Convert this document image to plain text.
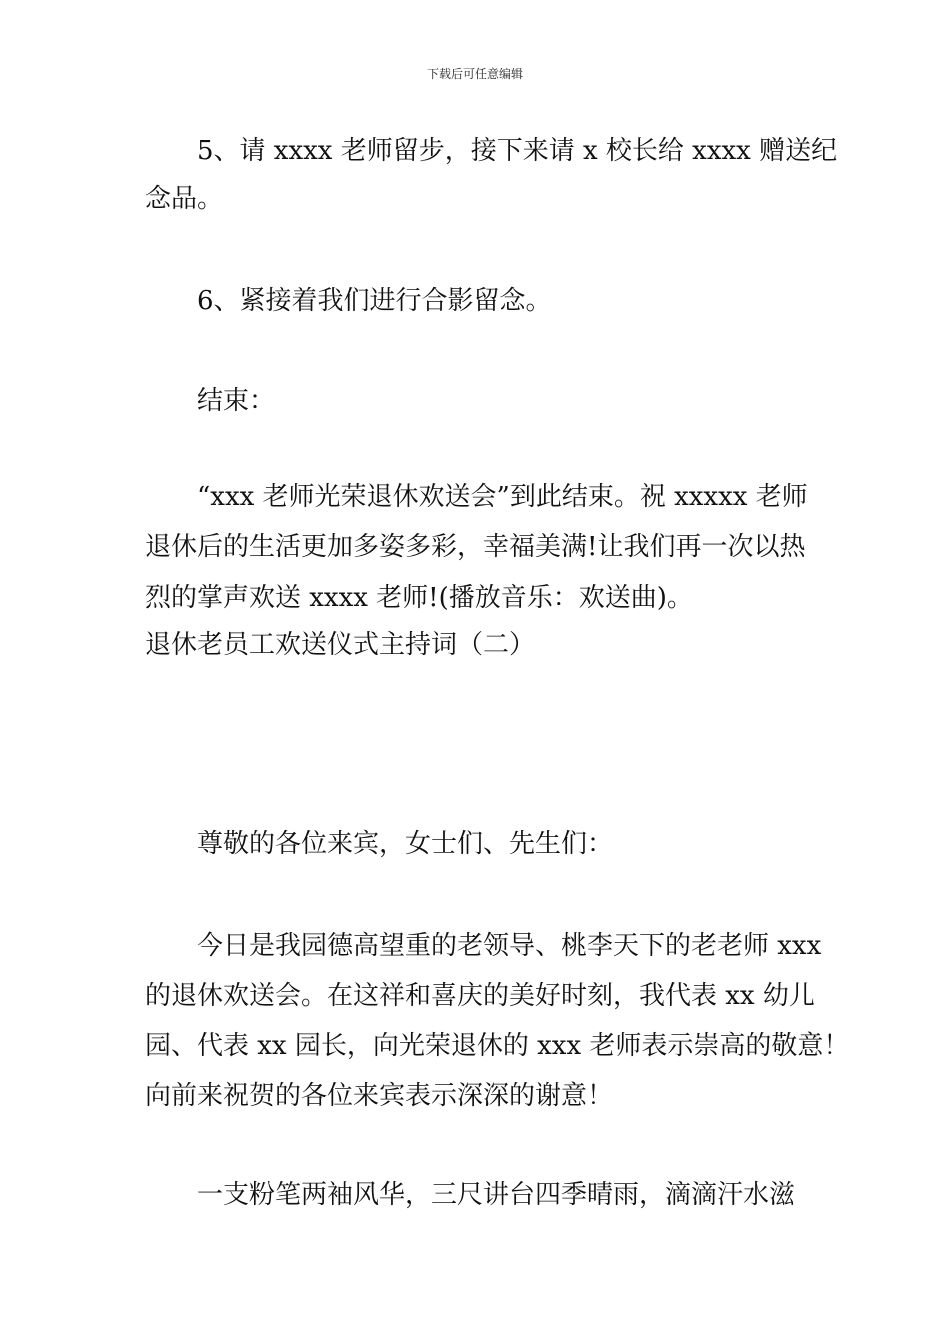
下载后可任意编辑
5、请 xxxx 老师留步，接下来请 x 校长给 xxxx 赠送纪
念品。
6、紧接着我们进行合影留念。
结束：
“xxx 老师光荣退休欢送会”到此结束。祝 xxxxx 老师
退休后的生活更加多姿多彩，幸福美满!让我们再一次以热
烈的掌声欢送 xxxx 老师!(播放音乐：欢送曲)。
退休老员工欢送仪式主持词（二）
尊敬的各位来宾，女士们、先生们：
今日是我园德高望重的老领导、桃李天下的老老师 xxx
的退休欢送会。在这祥和喜庆的美好时刻，我代表 xx 幼儿
园、代表 xx 园长，向光荣退休的 xxx 老师表示崇高的敬意！
向前来祝贺的各位来宾表示深深的谢意！
一支粉笔两袖风华，三尺讲台四季晴雨，滴滴汗水滋
